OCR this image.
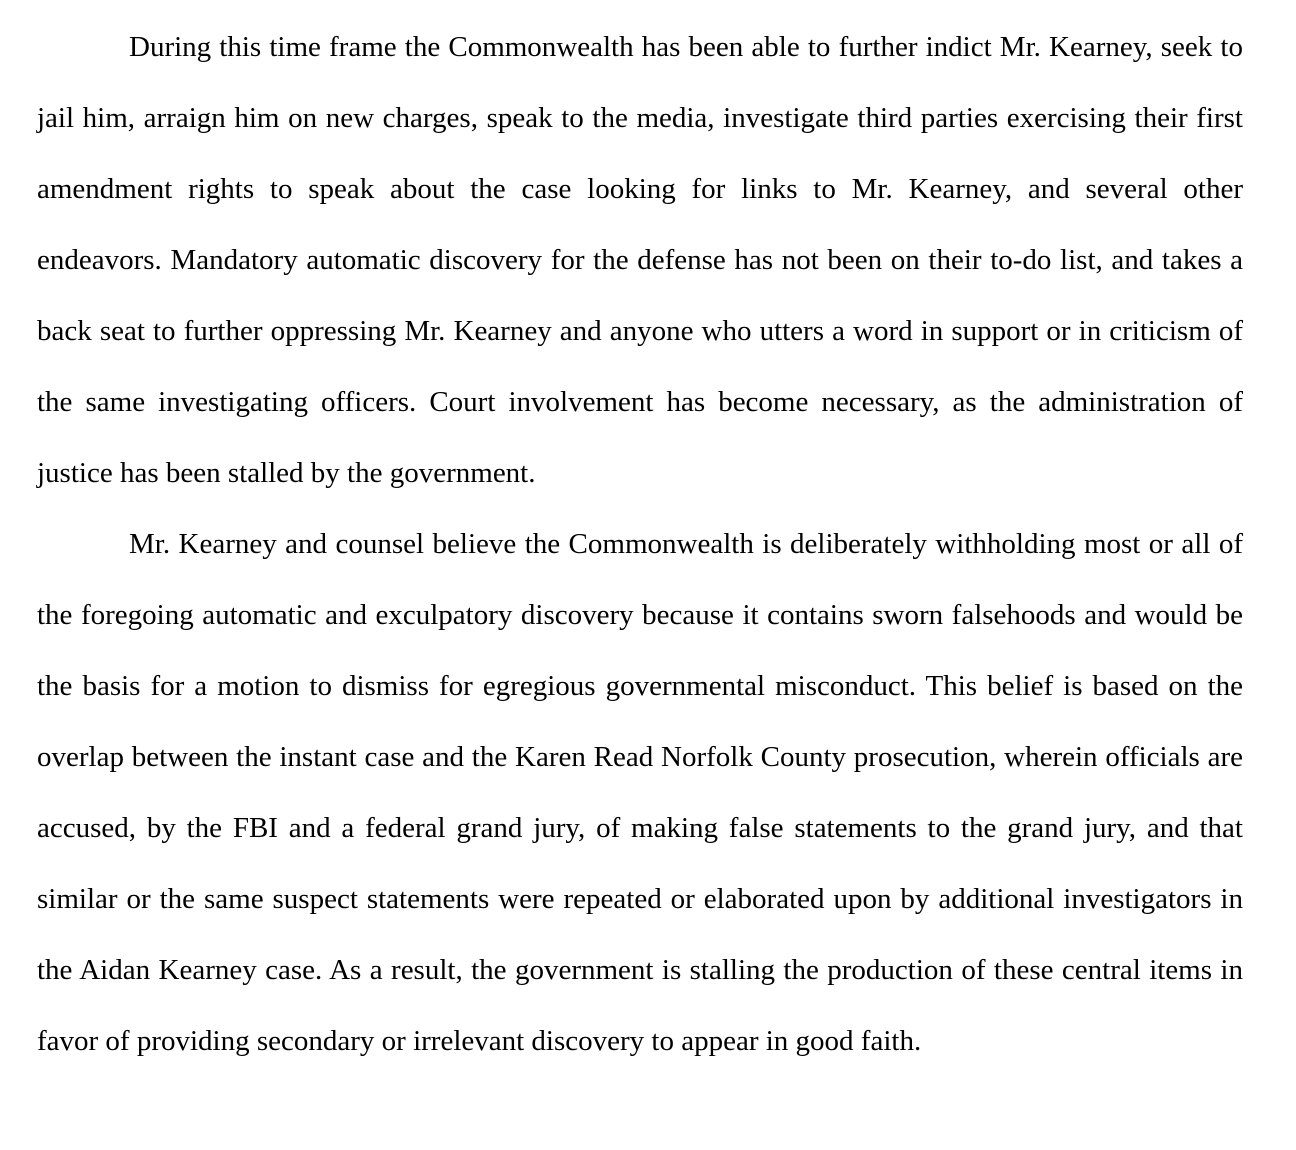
During this time frame the Commonwealth has been able to further indict Mr. Kearney, seek to jail him, arraign him on new charges, speak to the media, investigate third parties exercising their first amendment rights to speak about the case looking for links to Mr. Kearney, and several other endeavors. Mandatory automatic discovery for the defense has not been on their to-do list, and takes a back seat to further oppressing Mr. Kearney and anyone who utters a word in support or in criticism of the same investigating officers. Court involvement has become necessary, as the administration of justice has been stalled by the government.

Mr. Kearney and counsel believe the Commonwealth is deliberately withholding most or all of the foregoing automatic and exculpatory discovery because it contains sworn falsehoods and would be the basis for a motion to dismiss for egregious governmental misconduct. This belief is based on the overlap between the instant case and the Karen Read Norfolk County prosecution, wherein officials are accused, by the FBI and a federal grand jury, of making false statements to the grand jury, and that similar or the same suspect statements were repeated or elaborated upon by additional investigators in the Aidan Kearney case. As a result, the government is stalling the production of these central items in favor of providing secondary or irrelevant discovery to appear in good faith.
